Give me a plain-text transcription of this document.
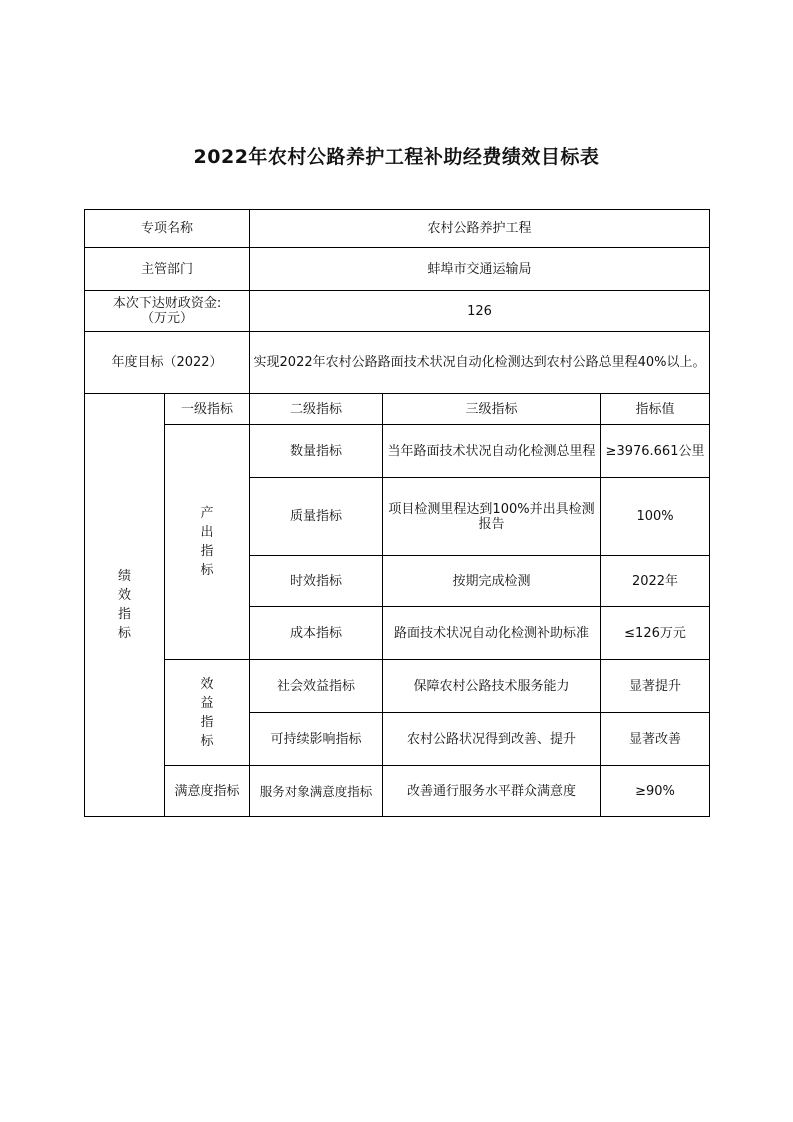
2022年农村公路养护工程补助经费绩效目标表
专项名称		农村公路养护工程		
主管部门		蚌埠市交通运输局		
本次下达财政资金:
（万元）		126		
年度目标（2022）		实现2022年农村公路路面技术状况自动化检测达到农村公路总里程40%以上。		
绩效指标	一级指标	二级指标	三级指标	指标值
	产出指标	数量指标	当年路面技术状况自动化检测总里程	≥3976.661公里
		质量指标	项目检测里程达到100%并出具检测报告	100%
		时效指标	按期完成检测	2022年
		成本指标	路面技术状况自动化检测补助标准	≤126万元
	效益指标	社会效益指标	保障农村公路技术服务能力	显著提升
		可持续影响指标	农村公路状况得到改善、提升	显著改善
	满意度指标	服务对象满意度指标	改善通行服务水平群众满意度	≥90%
